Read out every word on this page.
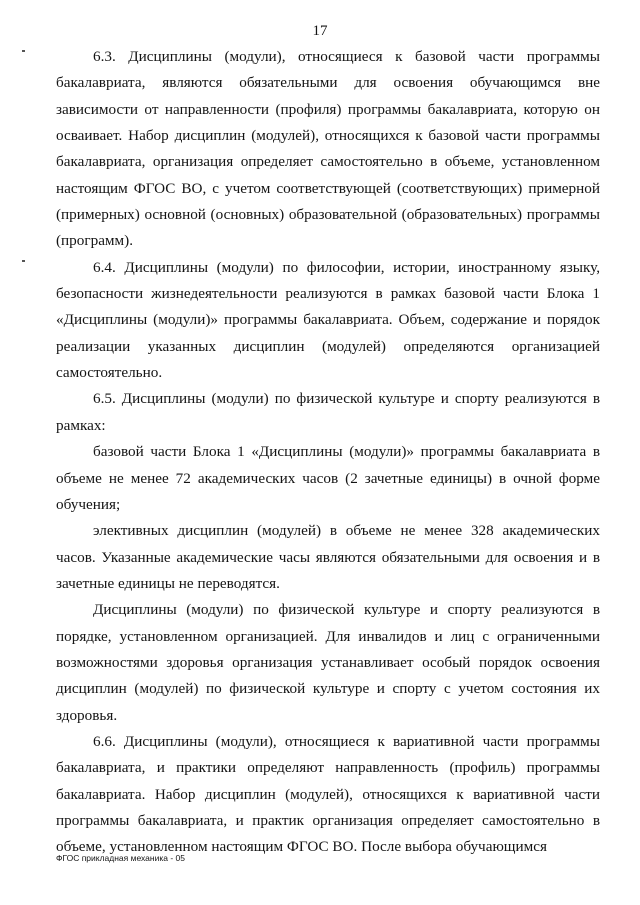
17

6.3. Дисциплины (модули), относящиеся к базовой части программы бакалавриата, являются обязательными для освоения обучающимся вне зависимости от направленности (профиля) программы бакалавриата, которую он осваивает. Набор дисциплин (модулей), относящихся к базовой части программы бакалавриата, организация определяет самостоятельно в объеме, установленном настоящим ФГОС ВО, с учетом соответствующей (соответствующих) примерной (примерных) основной (основных) образовательной (образовательных) программы (программ).

6.4. Дисциплины (модули) по философии, истории, иностранному языку, безопасности жизнедеятельности реализуются в рамках базовой части Блока 1 «Дисциплины (модули)» программы бакалавриата. Объем, содержание и порядок реализации указанных дисциплин (модулей) определяются организацией самостоятельно.

6.5. Дисциплины (модули) по физической культуре и спорту реализуются в рамках:

базовой части Блока 1 «Дисциплины (модули)» программы бакалавриата в объеме не менее 72 академических часов (2 зачетные единицы) в очной форме обучения;

элективных дисциплин (модулей) в объеме не менее 328 академических часов. Указанные академические часы являются обязательными для освоения и в зачетные единицы не переводятся.

Дисциплины (модули) по физической культуре и спорту реализуются в порядке, установленном организацией. Для инвалидов и лиц с ограниченными возможностями здоровья организация устанавливает особый порядок освоения дисциплин (модулей) по физической культуре и спорту с учетом состояния их здоровья.

6.6. Дисциплины (модули), относящиеся к вариативной части программы бакалавриата, и практики определяют направленность (профиль) программы бакалавриата. Набор дисциплин (модулей), относящихся к вариативной части программы бакалавриата, и практик организация определяет самостоятельно в объеме, установленном настоящим ФГОС ВО. После выбора обучающимся

ФГОС прикладная механика - 05
